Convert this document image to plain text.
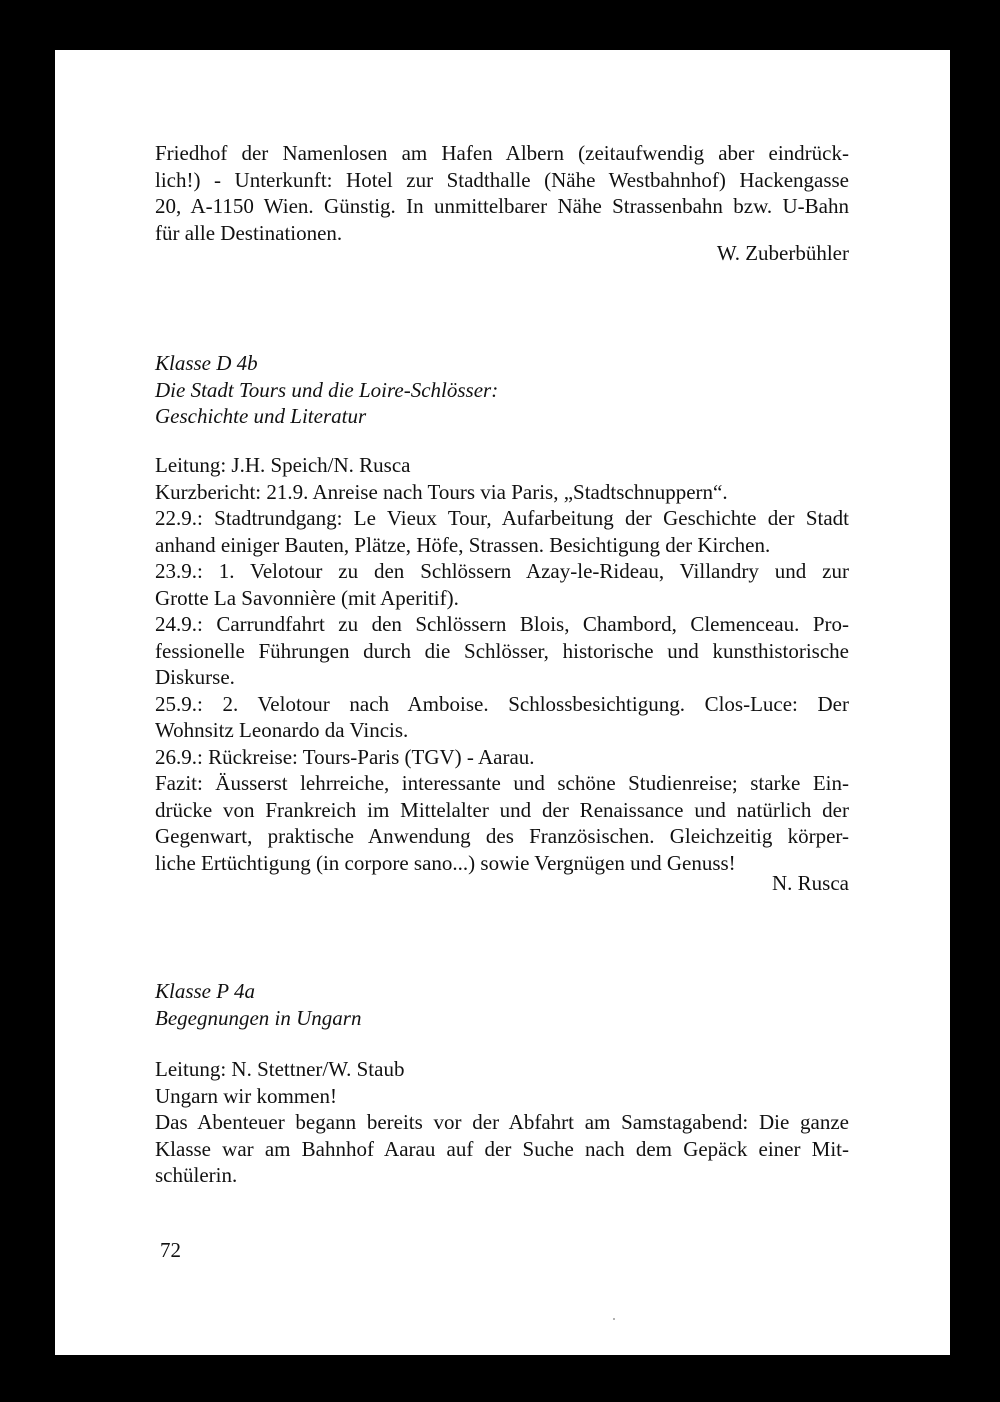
Friedhof der Namenlosen am Hafen Albern (zeitaufwendig aber eindrück-
lich!) - Unterkunft: Hotel zur Stadthalle (Nähe Westbahnhof) Hackengasse
20, A-1150 Wien. Günstig. In unmittelbarer Nähe Strassenbahn bzw. U-Bahn
für alle Destinationen.
W. Zuberbühler
Klasse D 4b
Die Stadt Tours und die Loire-Schlösser:
Geschichte und Literatur
Leitung: J.H. Speich/N. Rusca
Kurzbericht: 21.9. Anreise nach Tours via Paris, „Stadtschnuppern“.
22.9.: Stadtrundgang: Le Vieux Tour, Aufarbeitung der Geschichte der Stadt
anhand einiger Bauten, Plätze, Höfe, Strassen. Besichtigung der Kirchen.
23.9.: 1. Velotour zu den Schlössern Azay-le-Rideau, Villandry und zur
Grotte La Savonnière (mit Aperitif).
24.9.: Carrundfahrt zu den Schlössern Blois, Chambord, Clemenceau. Pro-
fessionelle Führungen durch die Schlösser, historische und kunsthistorische
Diskurse.
25.9.: 2. Velotour nach Amboise. Schlossbesichtigung. Clos-Luce: Der
Wohnsitz Leonardo da Vincis.
26.9.: Rückreise: Tours-Paris (TGV) - Aarau.
Fazit: Äusserst lehrreiche, interessante und schöne Studienreise; starke Ein-
drücke von Frankreich im Mittelalter und der Renaissance und natürlich der
Gegenwart, praktische Anwendung des Französischen. Gleichzeitig körper-
liche Ertüchtigung (in corpore sano...) sowie Vergnügen und Genuss!
N. Rusca
Klasse P 4a
Begegnungen in Ungarn
Leitung: N. Stettner/W. Staub
Ungarn wir kommen!
Das Abenteuer begann bereits vor der Abfahrt am Samstagabend: Die ganze
Klasse war am Bahnhof Aarau auf der Suche nach dem Gepäck einer Mit-
schülerin.
72
